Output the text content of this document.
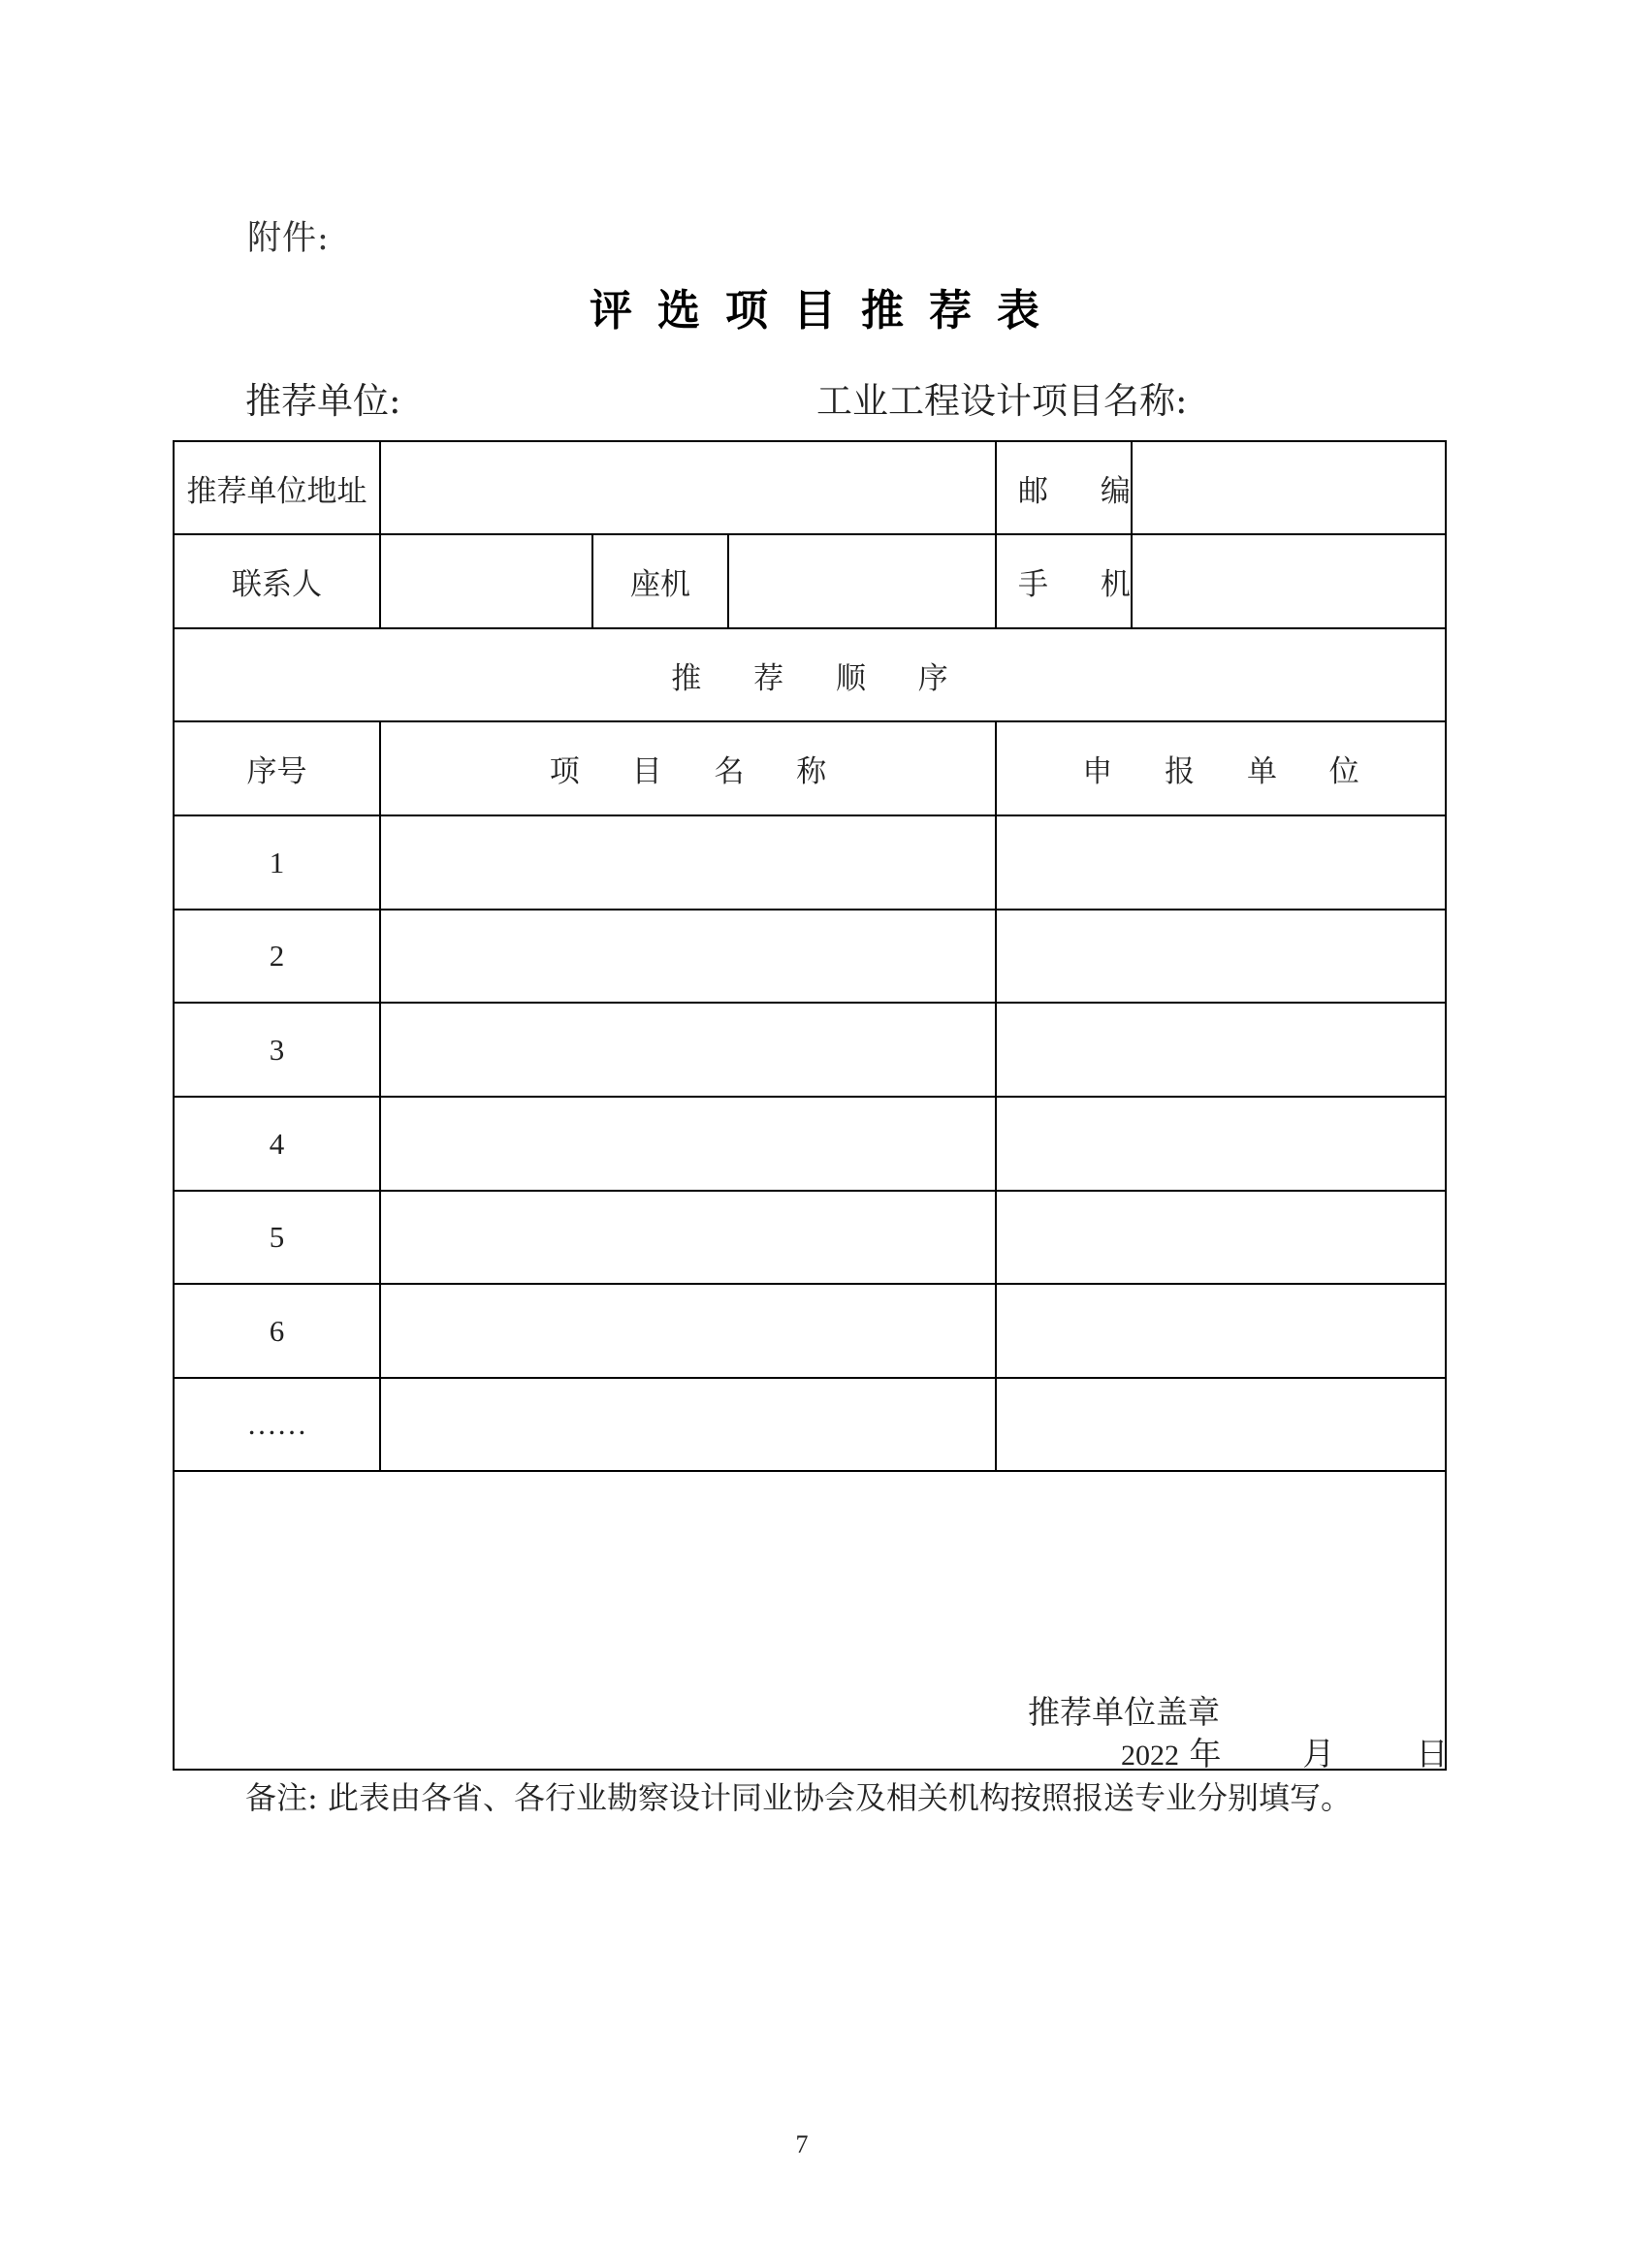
附件:
评选项目推荐表
推荐单位:	工业工程设计项目名称:
推荐单位地址				邮 编	
联系人		座机		手 机	
推 荐 顺 序					
序号	项 目 名 称			申 报 单 位	
1					
2					
3					
4					
5					
6					
……					

推荐单位盖章
2022 年 月 日					
备注: 此表由各省、各行业勘察设计同业协会及相关机构按照报送专业分别填写。
7
